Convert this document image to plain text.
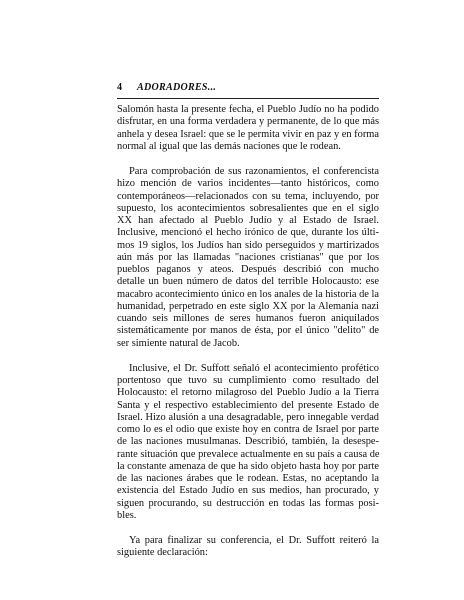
4 ADORADORES...
Salomón hasta la presente fecha, el Pueblo Judío no ha podido
disfrutar, en una forma verdadera y permanente, de lo que más
anhela y desea Israel: que se le permita vivir en paz y en forma
normal al igual que las demás naciones que le rodean.
Para comprobación de sus razonamientos, el conferencista
hizo mención de varios incidentes—tanto históricos, como
contemporáneos—relacionados con su tema, incluyendo, por
supuesto, los acontecimientos sobresalientes que en el siglo
XX han afectado al Pueblo Judío y al Estado de Israel.
Inclusive, mencionó el hecho irónico de que, durante los últi-
mos 19 siglos, los Judíos han sido perseguidos y martirizados
aún más por las llamadas "naciones cristianas" que por los
pueblos paganos y ateos. Después describió con mucho
detalle un buen número de datos del terrible Holocausto: ese
macabro acontecimiento único en los anales de la historia de la
humanidad, perpetrado en este siglo XX por la Alemania nazi
cuando seis millones de seres humanos fueron aniquilados
sistemáticamente por manos de ésta, por el único "delito" de
ser simiente natural de Jacob.
Inclusive, el Dr. Suffott señaló el acontecimiento profético
portentoso que tuvo su cumplimiento como resultado del
Holocausto: el retorno milagroso del Pueblo Judío a la Tierra
Santa y el respectivo establecimiento del presente Estado de
Israel. Hizo alusión a una desagradable, pero innegable verdad
como lo es el odio que existe hoy en contra de Israel por parte
de las naciones musulmanas. Describió, también, la desespe-
rante situación que prevalece actualmente en su país a causa de
la constante amenaza de que ha sido objeto hasta hoy por parte
de las naciones árabes que le rodean. Estas, no aceptando la
existencia del Estado Judío en sus medios, han procurado, y
siguen procurando, su destrucción en todas las formas posi-
bles.
Ya para finalizar su conferencia, el Dr. Suffott reiteró la
siguiente declaración:
